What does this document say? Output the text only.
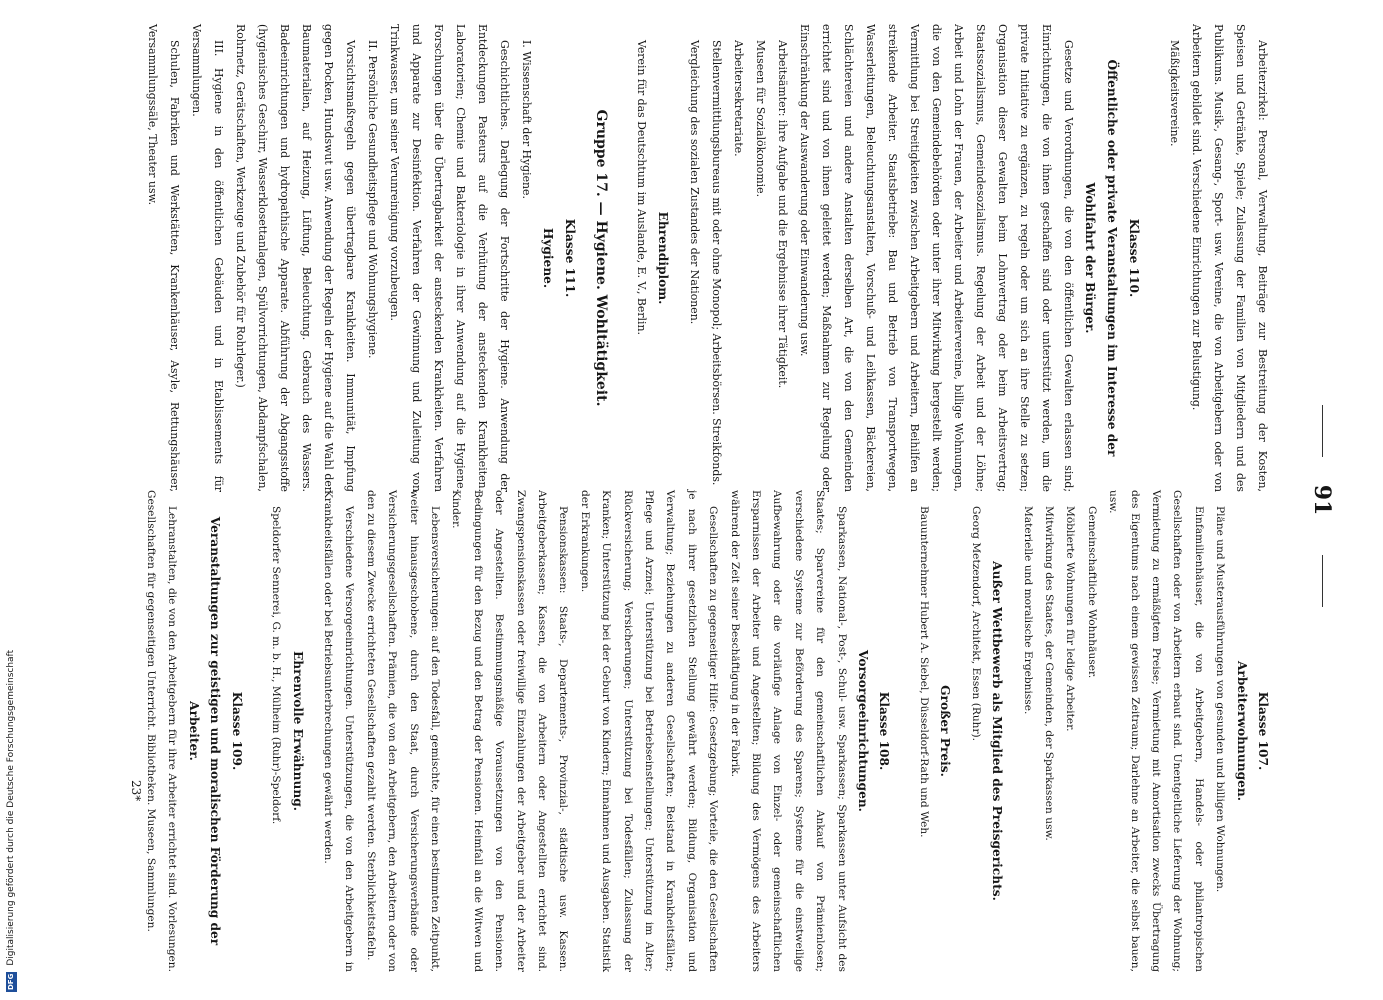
91
Klasse 107.
Arbeiterwohnungen.
Pläne und Musterausführungen von gesunden und billigen Wohnungen.
Einfamilienhäuser, die von Arbeitgebern, Handels- oder philantropischen Gesellschaften oder von Arbeitern erbaut sind. Unentgeltliche Lieferung der Wohnung; Vermietung zu ermäßigtem Preise; Vermietung mit Amortisation zwecks Übertragung des Eigentums nach einem gewissen Zeitraum; Darlehne an Arbeiter, die selbst bauen, usw.
Gemeinschaftliche Wohnhäuser.
Möblierte Wohnungen für ledige Arbeiter.
Mitwirkung des Staates, der Gemeinden, der Sparkassen usw.
Materielle und moralische Ergebnisse.
Außer Wettbewerb als Mitglied des Preisgerichts.
Georg Metzendorf, Architekt, Essen (Ruhr).
Großer Preis.
Bauunternehmer Hubert A. Siebel, Düsseldorf-Rath und Weh.
Klasse 108.
Vorsorgeeinrichtungen.
Sparkassen, National-, Post-, Schul- usw. Sparkassen; Sparkassen unter Aufsicht des Staates; Sparvereine für den gemeinschaftlichen Ankauf von Prämienlosen; verschiedene Systeme zur Beförderung des Sparens; Systeme für die einstweilige Aufbewahrung oder die vorläufige Anlage von Einzel- oder gemeinschaftlichen Ersparnissen der Arbeiter und Angestellten; Bildung des Vermögens des Arbeiters während der Zeit seiner Beschäftigung in der Fabrik.
Gesellschaften zu gegenseitiger Hilfe: Gesetzgebung; Vorteile, die den Gesellschaften je nach ihrer gesetzlichen Stellung gewährt werden; Bildung, Organisation und Verwaltung; Beziehungen zu anderen Gesellschaften; Beistand in Krankheitsfällen; Pflege und Arznei; Unterstützung bei Betriebseinstellungen; Unterstützung im Alter; Rückversicherung; Versicherungen; Unterstützung bei Todesfällen; Zulassung der Kranken; Unterstützung bei der Geburt von Kindern; Einnahmen und Ausgaben. Statistik der Erkrankungen.
Pensionskassen: Staats-, Departements-, Provinzial-, städtische usw. Kassen. Arbeitgeberkassen; Kassen, die von Arbeitern oder Angestellten errichtet sind. Zwangspensionskassen oder freiwillige Einzahlungen der Arbeitgeber und der Arbeiter oder Angestellten. Bestimmungsmäßige Voraussetzungen von den Pensionen. Bedingungen für den Bezug und den Betrag der Pensionen. Heimfall an die Witwen und Kinder.
Lebensversicherungen: auf den Todesfall, gemischte, für einen bestimmten Zeitpunkt, weiter hinausgeschobene, durch den Staat, durch Versicherungsverbände oder Versicherungsgesellschaften. Prämien, die von den Arbeitgebern, den Arbeitern oder von den zu diesem Zwecke errichteten Gesellschaften gezahlt werden. Sterblichkeitstafeln.
Verschiedene Versorgeeinrichtungen. Unterstützungen, die von den Arbeitgebern in Krankheitsfällen oder bei Betriebsunterbrechungen gewährt werden.
Ehrenvolle Erwähnung.
Speldorfer Sennerei, G. m. b. H., Mülheim (Ruhr)-Speldorf.
Klasse 109.
Veranstaltungen zur geistigen und moralischen Förderung der Arbeiter.
Lehranstalten, die von den Arbeitgebern für ihre Arbeiter errichtet sind. Vorlesungen. Gesellschaften für gegenseitigen Unterricht. Bibliotheken. Museen, Sammlungen.
Arbeiterzirkel: Personal, Verwaltung, Beiträge zur Bestreitung der Kosten, Speisen und Getränke, Spiele; Zulassung der Familien von Mitgliedern und des Publikums. Musik-, Gesang-, Sport- usw. Vereine, die von Arbeitgebern oder von Arbeitern gebildet sind. Verschiedene Einrichtungen zur Belustigung.
Mäßigkeitsvereine.
Klasse 110.
Öffentliche oder private Veranstaltungen im Interesse der Wohlfahrt der Bürger.
Gesetze und Verordnungen, die von den öffentlichen Gewalten erlassen sind; Einrichtungen, die von ihnen geschaffen sind oder unterstützt werden, um die private Initiative zu ergänzen, zu regeln oder um sich an ihre Stelle zu setzen; Organisation dieser Gewalten beim Lohnvertrag oder beim Arbeitsvertrag; Staatssozialismus, Gemeindesozialismus. Regelung der Arbeit und der Löhne; Arbeit und Lohn der Frauen, der Arbeiter und Arbeitervereine, billige Wohnungen, die von den Gemeindebehörden oder unter ihrer Mitwirkung hergestellt werden; Vermittlung bei Streitigkeiten zwischen Arbeitgebern und Arbeitern, Beihilfen an streikende Arbeiter. Staatsbetriebe: Bau und Betrieb von Transportwegen, Wasserleitungen, Beleuchtungsanstalten, Vorschuß- und Leihkassen, Bäckereien, Schlächtereien und andere Anstalten derselben Art, die von den Gemeinden errichtet sind und von ihnen geleitet werden; Maßnahmen zur Regelung oder Einschränkung der Auswanderung oder Einwanderung usw.
Arbeitsämter: ihre Aufgabe und die Ergebnisse ihrer Tätigkeit.
Museen für Sozialökonomie.
Arbeitersekretariate.
Stellenvermittlungsbureaus mit oder ohne Monopol; Arbeitsbörsen. Streikfonds.
Vergleichung des sozialen Zustandes der Nationen.
Ehrendiplom.
Verein für das Deutschtum im Auslande, E. V., Berlin.
Gruppe 17. — Hygiene. Wohltätigkeit.
Klasse 111.
Hygiene.
I. Wissenschaft der Hygiene.
Geschichtliches. Darlegung der Fortschritte der Hygiene. Anwendung der Entdeckungen Pasteurs auf die Verhütung der ansteckenden Krankheiten. Laboratorien; Chemie und Bakteriologie in ihrer Anwendung auf die Hygiene. Forschungen über die Übertragbarkeit der ansteckenden Krankheiten. Verfahren und Apparate zur Desinfektion. Verfahren der Gewinnung und Zuleitung von Trinkwasser, um seiner Verunreinigung vorzubeugen.
II. Persönliche Gesundheitspflege und Wohnungshygiene.
Vorsichtsmaßregeln gegen übertragbare Krankheiten. Immunität, Impfung gegen Pocken, Hundswut usw. Anwendung der Regeln der Hygiene auf die Wahl der Baumaterialien, auf Heizung, Lüftung, Beleuchtung. Gebrauch des Wassers. Badeeinrichtungen und hydropathische Apparate. Abführung der Abgangsstoffe (hygienisches Geschirr, Wasserklosettanlagen, Spülvorrichtungen, Abdampfschalen, Rohrnetz, Gerätschaften, Werkzeuge und Zubehör für Rohrleger.)
III. Hygiene in den öffentlichen Gebäuden und in Etablissements für Versammlungen.
Schulen, Fabriken und Werkstätten, Krankenhäuser, Asyle, Rettungshäuser, Versammlungssäle, Theater usw.
23*
DFG
Digitalisierung gefördert durch die Deutsche Forschungsgemeinschaft
